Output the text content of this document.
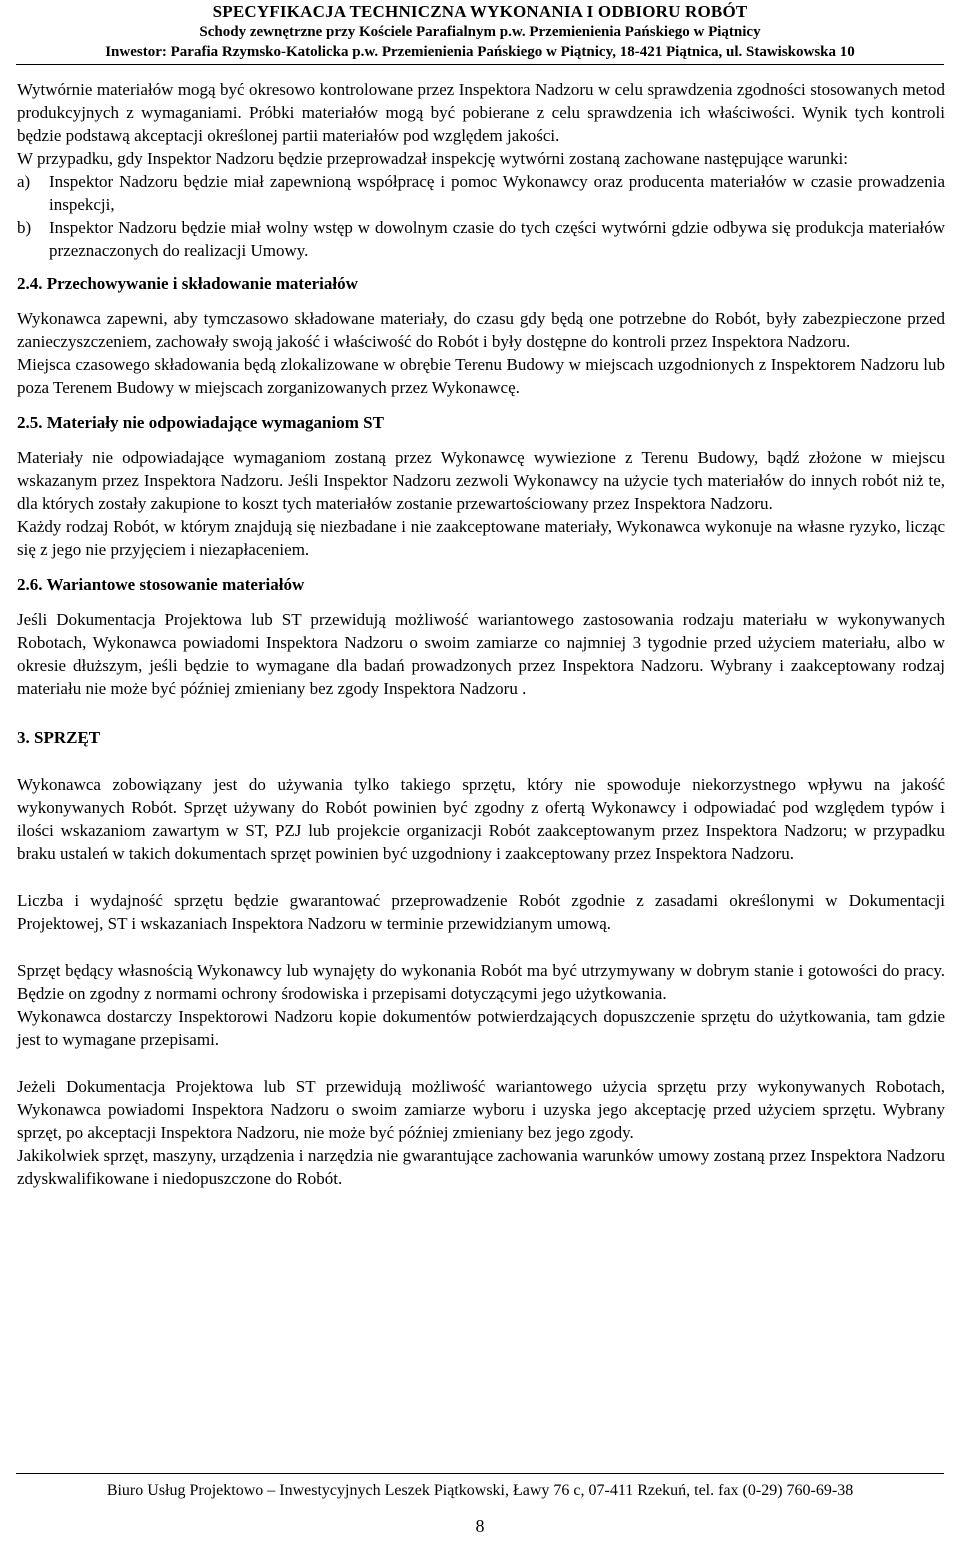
SPECYFIKACJA TECHNICZNA WYKONANIA I ODBIORU ROBÓT
Schody zewnętrzne przy Kościele Parafialnym p.w. Przemienienia Pańskiego w Piątnicy
Inwestor: Parafia Rzymsko-Katolicka p.w. Przemienienia Pańskiego w Piątnicy, 18-421 Piątnica, ul. Stawiskowska 10

Wytwórnie materiałów mogą być okresowo kontrolowane przez Inspektora Nadzoru w celu sprawdzenia zgodności stosowanych metod produkcyjnych z wymaganiami. Próbki materiałów mogą być pobierane z celu sprawdzenia ich właściwości. Wynik tych kontroli będzie podstawą akceptacji określonej partii materiałów pod względem jakości.

W przypadku, gdy Inspektor Nadzoru będzie przeprowadzał inspekcję wytwórni zostaną zachowane następujące warunki:

a)	Inspektor Nadzoru będzie miał zapewnioną współpracę i pomoc Wykonawcy oraz producenta materiałów w czasie prowadzenia inspekcji,
b)	Inspektor Nadzoru będzie miał wolny wstęp w dowolnym czasie do tych części wytwórni gdzie odbywa się produkcja materiałów przeznaczonych do realizacji Umowy.

2.4. Przechowywanie i składowanie materiałów

Wykonawca zapewni, aby tymczasowo składowane materiały, do czasu gdy będą one potrzebne do Robót, były zabezpieczone przed zanieczyszczeniem, zachowały swoją jakość i właściwość do Robót i były dostępne do kontroli przez Inspektora Nadzoru.

Miejsca czasowego składowania będą zlokalizowane w obrębie Terenu Budowy w miejscach uzgodnionych z Inspektorem Nadzoru lub poza Terenem Budowy w miejscach zorganizowanych przez Wykonawcę.

2.5. Materiały nie odpowiadające wymaganiom ST

Materiały nie odpowiadające wymaganiom zostaną przez Wykonawcę wywiezione z Terenu Budowy, bądź złożone w miejscu wskazanym przez Inspektora Nadzoru. Jeśli Inspektor Nadzoru zezwoli Wykonawcy na użycie tych materiałów do innych robót niż te, dla których zostały zakupione to koszt tych materiałów zostanie przewartościowany przez Inspektora Nadzoru.

Każdy rodzaj Robót, w którym znajdują się niezbadane i nie zaakceptowane materiały, Wykonawca wykonuje na własne ryzyko, licząc się z jego nie przyjęciem i niezapłaceniem.

2.6. Wariantowe stosowanie materiałów

Jeśli Dokumentacja Projektowa lub ST przewidują możliwość wariantowego zastosowania rodzaju materiału w wykonywanych Robotach, Wykonawca powiadomi Inspektora Nadzoru o swoim zamiarze co najmniej 3 tygodnie przed użyciem materiału, albo w okresie dłuższym, jeśli będzie to wymagane dla badań prowadzonych przez Inspektora Nadzoru. Wybrany i zaakceptowany rodzaj materiału nie może być później zmieniany bez zgody Inspektora Nadzoru .

3. SPRZĘT

Wykonawca zobowiązany jest do używania tylko takiego sprzętu, który nie spowoduje niekorzystnego wpływu na jakość wykonywanych Robót. Sprzęt używany do Robót powinien być zgodny z ofertą Wykonawcy i odpowiadać pod względem typów i ilości wskazaniom zawartym w ST, PZJ lub projekcie organizacji Robót zaakceptowanym przez Inspektora Nadzoru; w przypadku braku ustaleń w takich dokumentach sprzęt powinien być uzgodniony i zaakceptowany przez Inspektora Nadzoru.

Liczba i wydajność sprzętu będzie gwarantować przeprowadzenie Robót zgodnie z zasadami określonymi w Dokumentacji Projektowej, ST i wskazaniach Inspektora Nadzoru w terminie przewidzianym umową.

Sprzęt będący własnością Wykonawcy lub wynajęty do wykonania Robót ma być utrzymywany w dobrym stanie i gotowości do pracy. Będzie on zgodny z normami ochrony środowiska i przepisami dotyczącymi jego użytkowania.

Wykonawca dostarczy Inspektorowi Nadzoru kopie dokumentów potwierdzających dopuszczenie sprzętu do użytkowania, tam gdzie jest to wymagane przepisami.

Jeżeli Dokumentacja Projektowa lub ST przewidują możliwość wariantowego użycia sprzętu przy wykonywanych Robotach, Wykonawca powiadomi Inspektora Nadzoru o swoim zamiarze wyboru i uzyska jego akceptację przed użyciem sprzętu. Wybrany sprzęt, po akceptacji Inspektora Nadzoru, nie może być później zmieniany bez jego zgody.

Jakikolwiek sprzęt, maszyny, urządzenia i narzędzia nie gwarantujące zachowania warunków umowy zostaną przez Inspektora Nadzoru zdyskwalifikowane i niedopuszczone do Robót.

Biuro Usług Projektowo – Inwestycyjnych Leszek Piątkowski, Ławy 76 c, 07-411 Rzekuń, tel. fax (0-29) 760-69-38
8
